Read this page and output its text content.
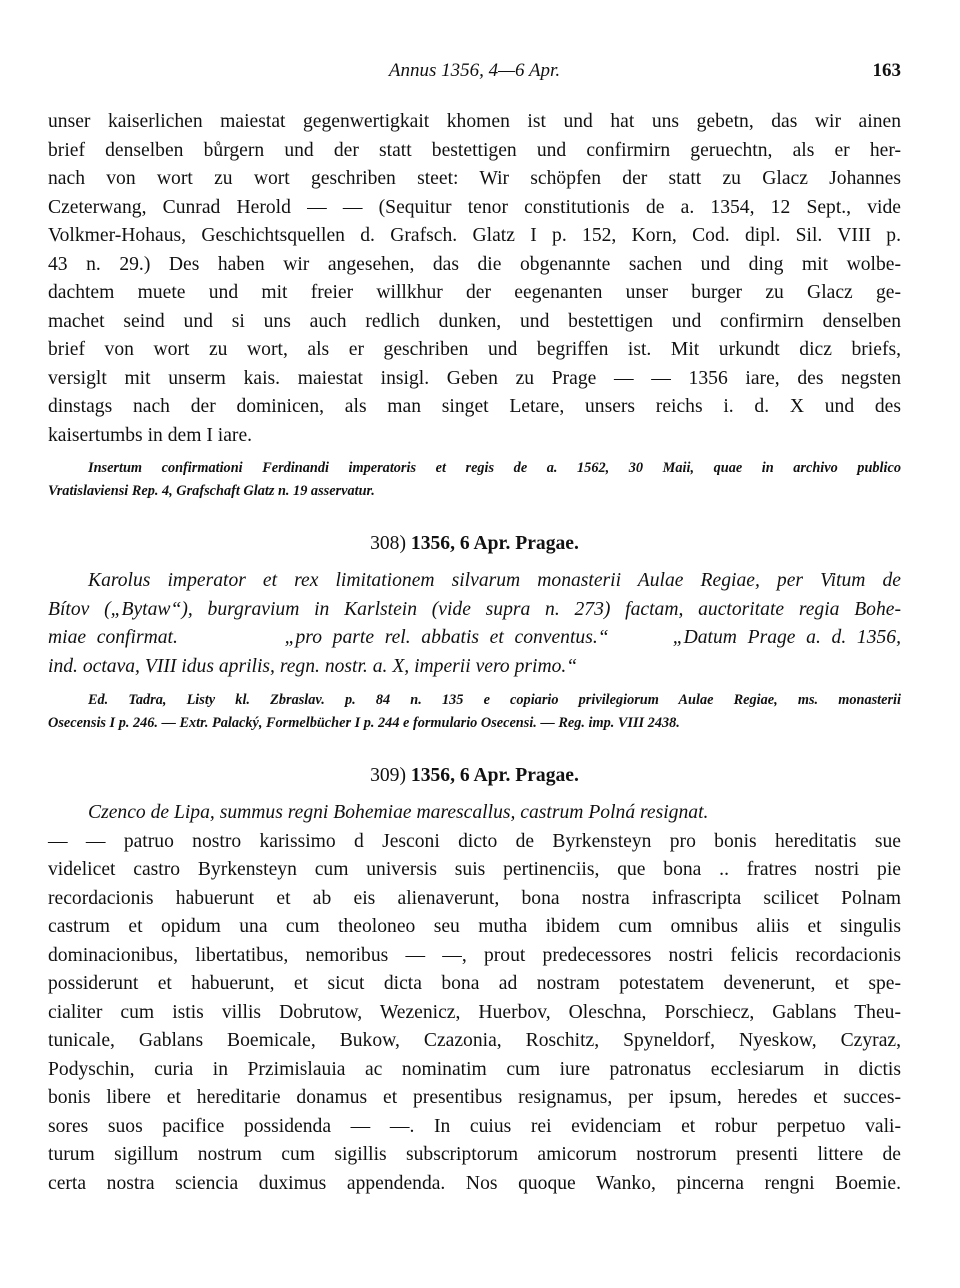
Annus 1356, 4—6 Apr.	163

unser kaiserlichen maiestat gegenwertigkait khomen ist und hat uns gebetn, das wir ainen

brief denselben bůrgern und der statt bestettigen und confirmirn geruechtn, als er her-

nach von wort zu wort geschriben steet: Wir schöpfen der statt zu Glacz Johannes

Czeterwang, Cunrad Herold — — (Sequitur tenor constitutionis de a. 1354, 12 Sept., vide

Volkmer-Hohaus, Geschichtsquellen d. Grafsch. Glatz I p. 152, Korn, Cod. dipl. Sil. VIII p.

43 n. 29.) Des haben wir angesehen, das die obgenannte sachen und ding mit wolbe-

dachtem muete und mit freier willkhur der eegenanten unser burger zu Glacz ge-

machet seind und si uns auch redlich dunken, und bestettigen und confirmirn denselben

brief von wort zu wort, als er geschriben und begriffen ist. Mit urkundt dicz briefs,

versiglt mit unserm kais. maiestat insigl. Geben zu Prage — — 1356 iare, des negsten

dinstags nach der dominicen, als man singet Letare, unsers reichs i. d. X und des

kaisertumbs in dem I iare.

Insertum confirmationi Ferdinandi imperatoris et regis de a. 1562, 30 Maii, quae in archivo publico

Vratislaviensi Rep. 4, Grafschaft Glatz n. 19 asservatur.

308) 1356, 6 Apr. Pragae.

Karolus imperator et rex limitationem silvarum monasterii Aulae Regiae, per Vitum de

Bítov („Bytaw“), burgravium in Karlstein (vide supra n. 273) factam, auctoritate regia Bohe-

miae confirmat.          „pro parte rel. abbatis et conventus.“      „Datum Prage a. d. 1356,

ind. octava, VIII idus aprilis, regn. nostr. a. X, imperii vero primo.“

Ed. Tadra, Listy kl. Zbraslav. p. 84 n. 135 e copiario privilegiorum Aulae Regiae, ms. monasterii

Osecensis I p. 246. — Extr. Palacký, Formelbücher I p. 244 e formulario Osecensi. — Reg. imp. VIII 2438.

309) 1356, 6 Apr. Pragae.

Czenco de Lipa, summus regni Bohemiae marescallus, castrum Polná resignat.

— — patruo nostro karissimo d Jesconi dicto de Byrkensteyn pro bonis hereditatis sue

videlicet castro Byrkensteyn cum universis suis pertinenciis, que bona .. fratres nostri pie

recordacionis habuerunt et ab eis alienaverunt, bona nostra infrascripta scilicet Polnam

castrum et opidum una cum theoloneo seu mutha ibidem cum omnibus aliis et singulis

dominacionibus, libertatibus, nemoribus — —, prout predecessores nostri felicis recordacionis

possiderunt et habuerunt, et sicut dicta bona ad nostram potestatem devenerunt, et spe-

cialiter cum istis villis Dobrutow, Wezenicz, Huerbov, Oleschna, Porschiecz, Gablans Theu-

tunicale, Gablans Boemicale, Bukow, Czazonia, Roschitz, Spyneldorf, Nyeskow, Czyraz,

Podyschin, curia in Przimislauia ac nominatim cum iure patronatus ecclesiarum in dictis

bonis libere et hereditarie donamus et presentibus resignamus, per ipsum, heredes et succes-

sores suos pacifice possidenda — —. In cuius rei evidenciam et robur perpetuo vali-

turum sigillum nostrum cum sigillis subscriptorum amicorum nostrorum presenti littere de

certa nostra sciencia duximus appendenda. Nos quoque Wanko, pincerna rengni Boemie.
